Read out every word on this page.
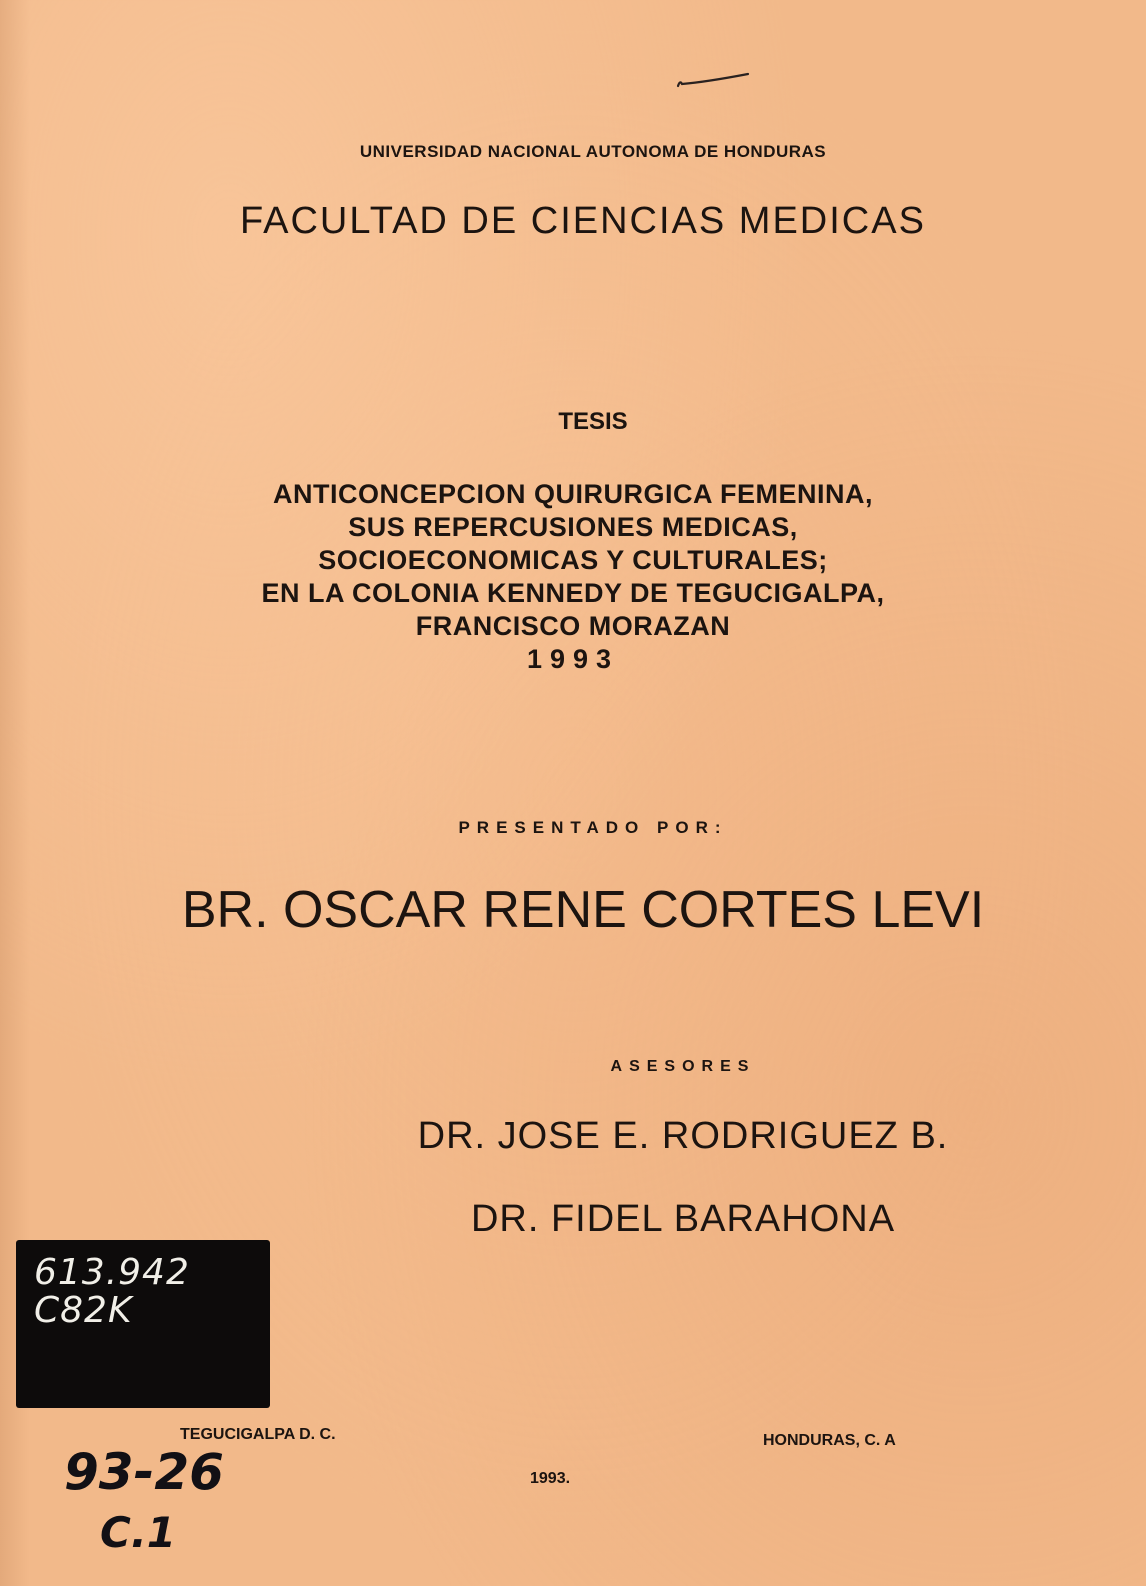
UNIVERSIDAD NACIONAL AUTONOMA DE HONDURAS

FACULTAD DE CIENCIAS MEDICAS

TESIS

ANTICONCEPCION QUIRURGICA FEMENINA,
SUS REPERCUSIONES MEDICAS,
SOCIOECONOMICAS Y CULTURALES;
EN LA COLONIA KENNEDY DE TEGUCIGALPA,
FRANCISCO MORAZAN
1993

PRESENTADO POR:

BR. OSCAR RENE CORTES LEVI

ASESORES

DR. JOSE E. RODRIGUEZ B.

DR. FIDEL BARAHONA

613.942
C82K
TEGUCIGALPA D. C.	HONDURAS, C. A
1993.
93-26
C.1
